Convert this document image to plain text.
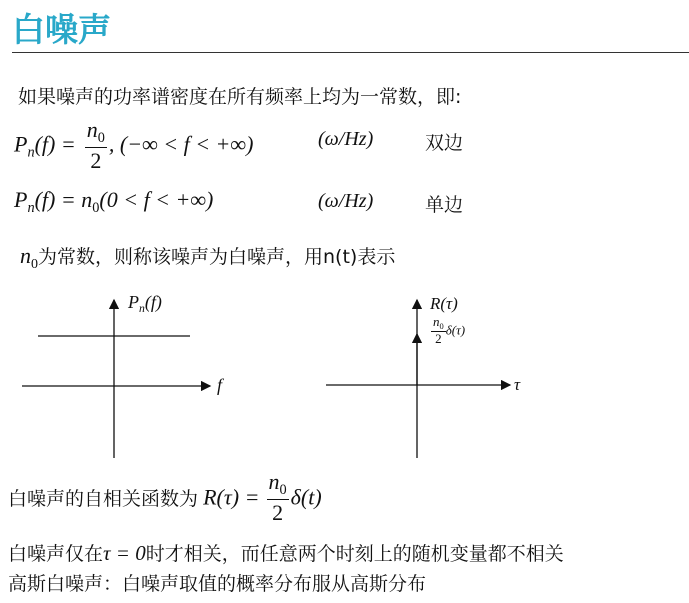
白噪声
如果噪声的功率谱密度在所有频率上均为一常数，即:
$P_n(f) = \frac{n_0}{2}$ , (−∞ < f < +∞)	(ω/Hz)	双边
$P_n(f) = n_0(0 < f$ < +∞)	(ω/Hz)	单边
$n_0$为常数，则称该噪声为白噪声，用n(t)表示
$P_n(f)$
f
R(τ)
$\frac{n_0}{2} \delta(\tau)$
τ
白噪声的自相关函数为 $R(\tau) = \frac{n_0}{2} \delta(t)$
白噪声仅在τ = 0时才相关，而任意两个时刻上的随机变量都不相关
高斯白噪声：白噪声取值的概率分布服从高斯分布
